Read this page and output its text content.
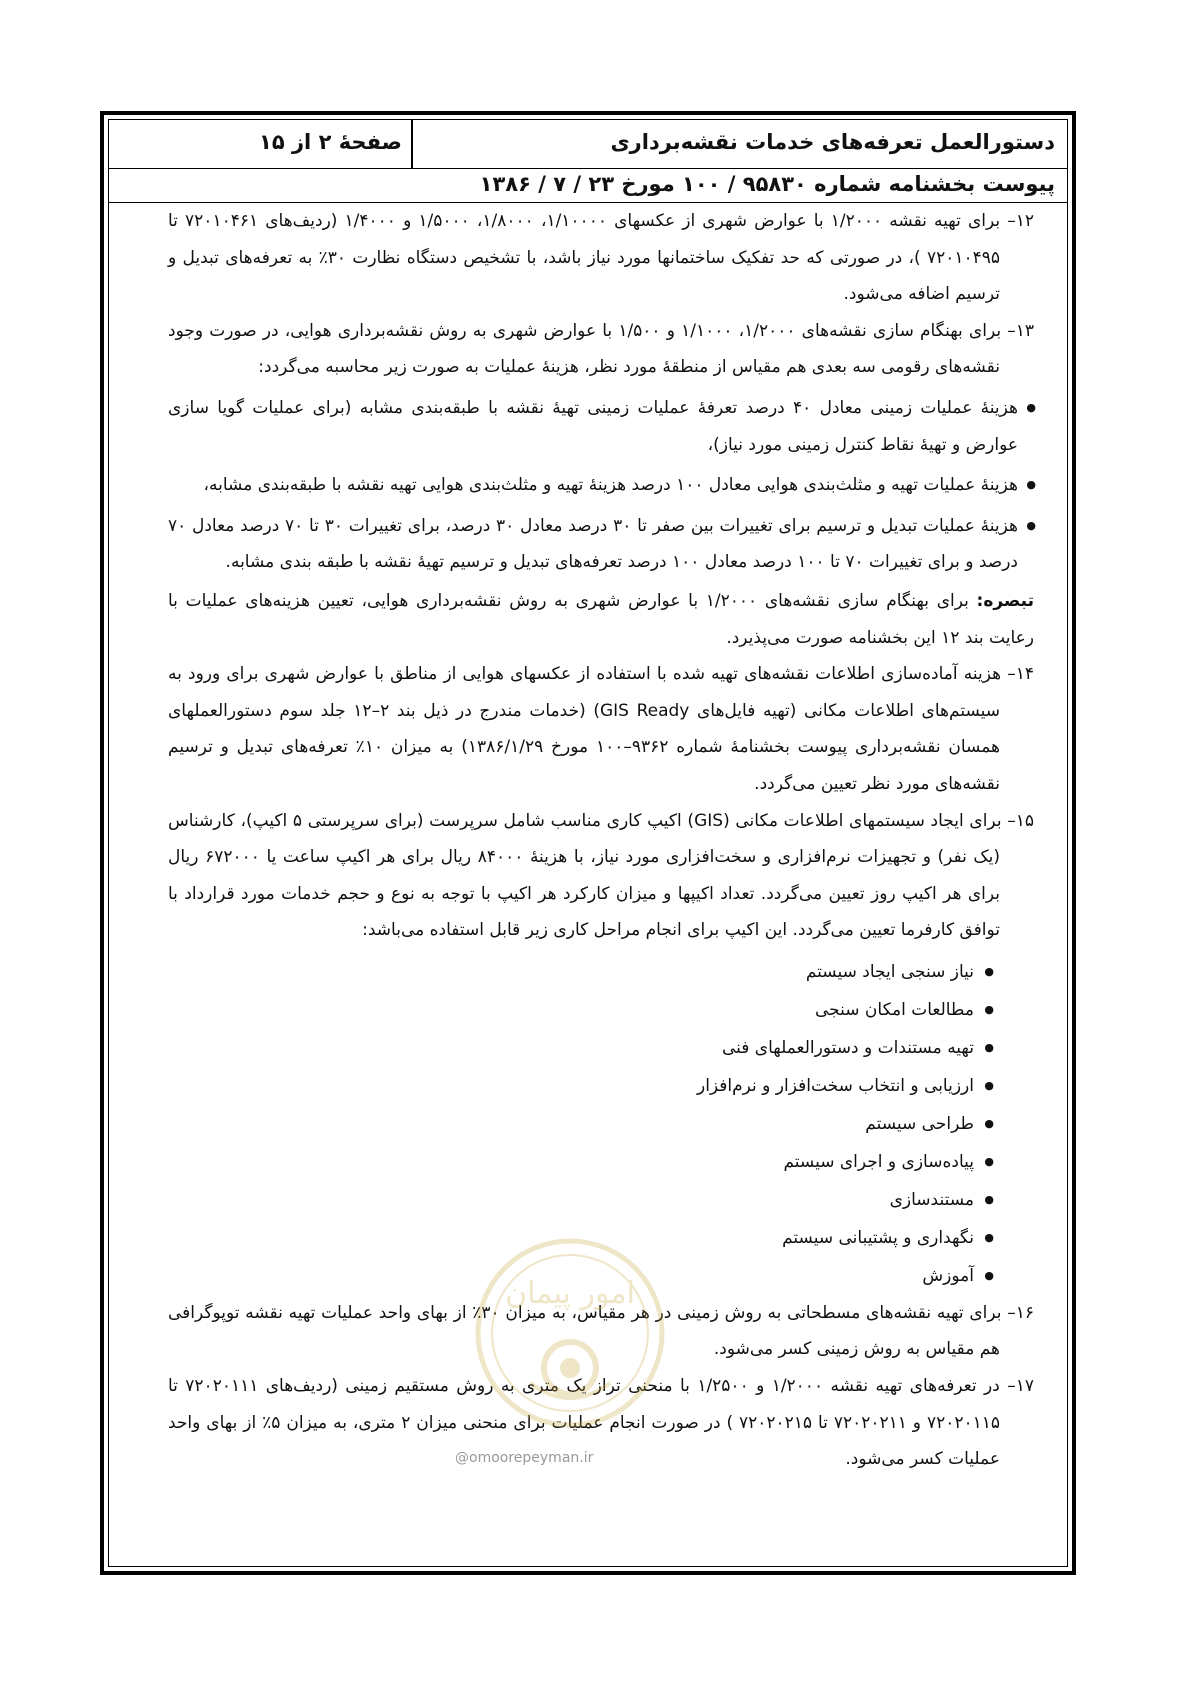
دستورالعمل تعرفه‌های خدمات نقشه‌برداری
صفحۀ ۲ از ۱۵
پیوست بخشنامه شماره ۹۵۸۳۰ / ۱۰۰ مورخ ۲۳ / ۷ / ۱۳۸۶

۱۲– برای تهیه نقشه ۱/۲۰۰۰ با عوارض شهری از عکسهای ۱/۱۰۰۰۰، ۱/۸۰۰۰، ۱/۵۰۰۰ و ۱/۴۰۰۰ (ردیف‌های ۷۲۰۱۰۴۶۱ تا ۷۲۰۱۰۴۹۵ )، در صورتی که حد تفکیک ساختمانها مورد نیاز باشد، با تشخیص دستگاه نظارت ۳۰٪ به تعرفه‌های تبدیل و ترسیم اضافه می‌شود.

۱۳– برای بهنگام سازی نقشه‌های ۱/۲۰۰۰، ۱/۱۰۰۰ و ۱/۵۰۰ با عوارض شهری به روش نقشه‌برداری هوایی، در صورت وجود نقشه‌های رقومی سه بعدی هم مقیاس از منطقۀ مورد نظر، هزینۀ عملیات به صورت زیر محاسبه می‌گردد:

● هزینۀ عملیات زمینی معادل ۴۰ درصد تعرفۀ عملیات زمینی تهیۀ نقشه با طبقه‌بندی مشابه (برای عملیات گویا سازی عوارض و تهیۀ نقاط کنترل زمینی مورد نیاز)،

● هزینۀ عملیات تهیه و مثلث‌بندی هوایی معادل ۱۰۰ درصد هزینۀ تهیه و مثلث‌بندی هوایی تهیه نقشه با طبقه‌بندی مشابه،

● هزینۀ عملیات تبدیل و ترسیم برای تغییرات بین صفر تا ۳۰ درصد معادل ۳۰ درصد، برای تغییرات ۳۰ تا ۷۰ درصد معادل ۷۰ درصد و برای تغییرات ۷۰ تا ۱۰۰ درصد معادل ۱۰۰ درصد تعرفه‌های تبدیل و ترسیم تهیۀ نقشه با طبقه بندی مشابه.

تبصره: برای بهنگام سازی نقشه‌های ۱/۲۰۰۰ با عوارض شهری به روش نقشه‌برداری هوایی، تعیین هزینه‌های عملیات با رعایت بند ۱۲ این بخشنامه صورت می‌پذیرد.

۱۴– هزینه آماده‌سازی اطلاعات نقشه‌های تهیه شده با استفاده از عکسهای هوایی از مناطق با عوارض شهری برای ورود به سیستم‌های اطلاعات مکانی (تهیه فایل‌های GIS Ready) (خدمات مندرج در ذیل بند ۲–۱۲ جلد سوم دستورالعملهای همسان نقشه‌برداری پیوست بخشنامۀ شماره ۹۳۶۲–۱۰۰ مورخ ۱۳۸۶/۱/۲۹) به میزان ۱۰٪ تعرفه‌های تبدیل و ترسیم نقشه‌های مورد نظر تعیین می‌گردد.

۱۵– برای ایجاد سیستمهای اطلاعات مکانی (GIS) اکیپ کاری مناسب شامل سرپرست (برای سرپرستی ۵ اکیپ)، کارشناس (یک نفر) و تجهیزات نرم‌افزاری و سخت‌افزاری مورد نیاز، با هزینۀ ۸۴۰۰۰ ریال برای هر اکیپ ساعت یا ۶۷۲۰۰۰ ریال برای هر اکیپ روز تعیین می‌گردد. تعداد اکیپها و میزان کارکرد هر اکیپ با توجه به نوع و حجم خدمات مورد قرارداد با توافق کارفرما تعیین می‌گردد. این اکیپ برای انجام مراحل کاری زیر قابل استفاده می‌باشد:

● نیاز سنجی ایجاد سیستم
● مطالعات امکان سنجی
● تهیه مستندات و دستورالعملهای فنی
● ارزیابی و انتخاب سخت‌افزار و نرم‌افزار
● طراحی سیستم
● پیاده‌سازی و اجرای سیستم
● مستندسازی
● نگهداری و پشتیبانی سیستم
● آموزش

۱۶– برای تهیه نقشه‌های مسطحاتی به روش زمینی در هر مقیاس، به میزان ۳۰٪ از بهای واحد عملیات تهیه نقشه توپوگرافی هم مقیاس به روش زمینی کسر می‌شود.

۱۷– در تعرفه‌های تهیه نقشه ۱/۲۰۰۰ و ۱/۲۵۰۰ با منحنی تراز یک متری به روش مستقیم زمینی (ردیف‌های ۷۲۰۲۰۱۱۱ تا ۷۲۰۲۰۱۱۵ و ۷۲۰۲۰۲۱۱ تا ۷۲۰۲۰۲۱۵ ) در صورت انجام عملیات برای منحنی میزان ۲ متری، به میزان ۵٪ از بهای واحد عملیات کسر می‌شود.

امور پیمان
@omoorepeyman.ir
